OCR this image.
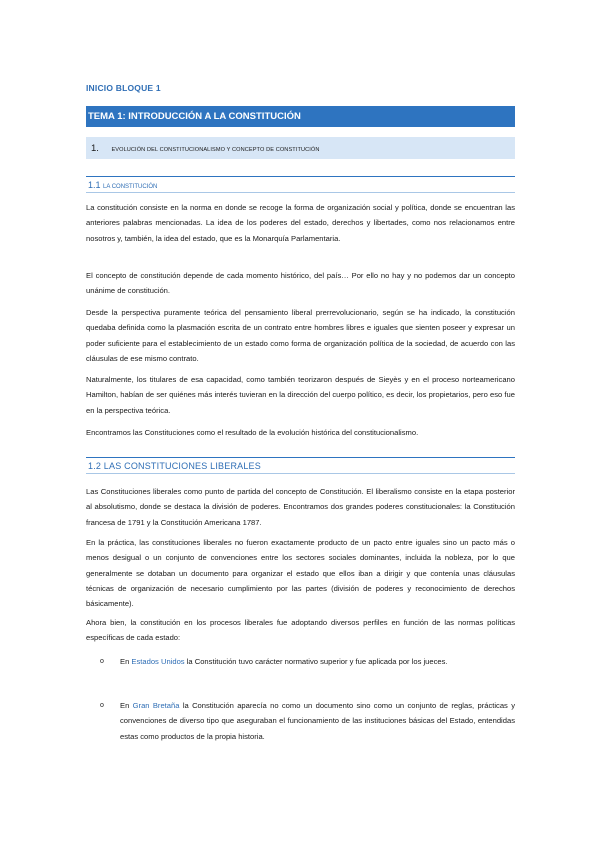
INICIO BLOQUE 1
TEMA 1: INTRODUCCIÓN A LA CONSTITUCIÓN
1. EVOLUCIÓN DEL CONSTITUCIONALISMO Y CONCEPTO DE CONSTITUCIÓN
1.1 LA CONSTITUCIÓN

La constitución consiste en la norma en donde se recoge la forma de organización social y política, donde se encuentran las anteriores palabras mencionadas. La idea de los poderes del estado, derechos y libertades, como nos relacionamos entre nosotros y, también, la idea del estado, que es la Monarquía Parlamentaria.

El concepto de constitución depende de cada momento histórico, del país… Por ello no hay y no podemos dar un concepto unánime de constitución.

Desde la perspectiva puramente teórica del pensamiento liberal prerrevolucionario, según se ha indicado, la constitución quedaba definida como la plasmación escrita de un contrato entre hombres libres e iguales que sienten poseer y expresar un poder suficiente para el establecimiento de un estado como forma de organización política de la sociedad, de acuerdo con las cláusulas de ese mismo contrato.

Naturalmente, los titulares de esa capacidad, como también teorizaron después de Sieyès y en el proceso norteamericano Hamilton, habían de ser quiénes más interés tuvieran en la dirección del cuerpo político, es decir, los propietarios, pero eso fue en la perspectiva teórica.

Encontramos las Constituciones como el resultado de la evolución histórica del constitucionalismo.

1.2 LAS CONSTITUCIONES LIBERALES

Las Constituciones liberales como punto de partida del concepto de Constitución. El liberalismo consiste en la etapa posterior al absolutismo, donde se destaca la división de poderes. Encontramos dos grandes poderes constitucionales: la Constitución francesa de 1791 y la Constitución Americana 1787.

En la práctica, las constituciones liberales no fueron exactamente producto de un pacto entre iguales sino un pacto más o menos desigual o un conjunto de convenciones entre los sectores sociales dominantes, incluida la nobleza, por lo que generalmente se dotaban un documento para organizar el estado que ellos iban a dirigir y que contenía unas cláusulas técnicas de organización de necesario cumplimiento por las partes (división de poderes y reconocimiento de derechos básicamente).

Ahora bien, la constitución en los procesos liberales fue adoptando diversos perfiles en función de las normas políticas específicas de cada estado:

o En Estados Unidos la Constitución tuvo carácter normativo superior y fue aplicada por los jueces.

o En Gran Bretaña la Constitución aparecía no como un documento sino como un conjunto de reglas, prácticas y convenciones de diverso tipo que aseguraban el funcionamiento de las instituciones básicas del Estado, entendidas estas como productos de la propia historia.
